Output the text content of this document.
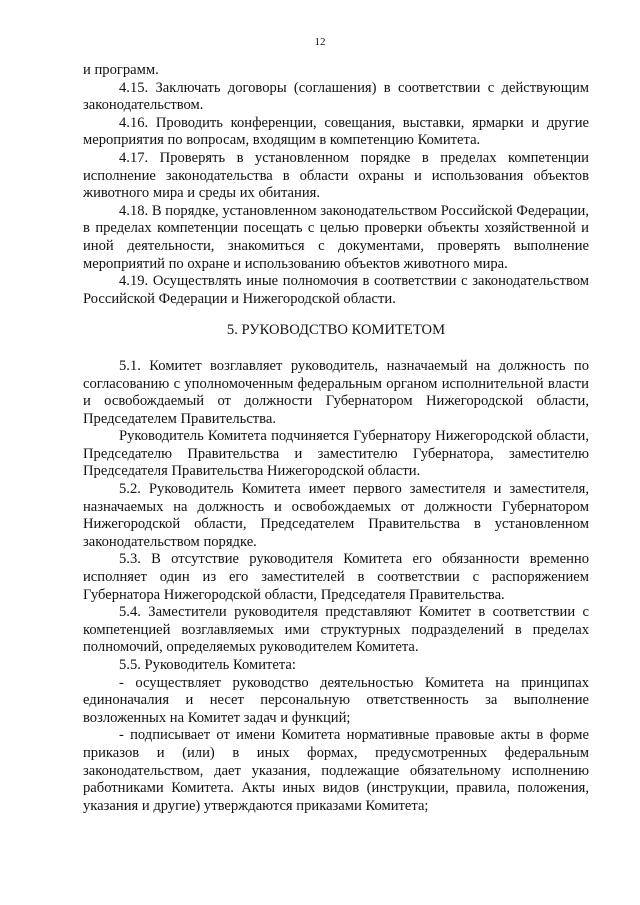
12

и программ.

4.15. Заключать договоры (соглашения) в соответствии с действующим законодательством.

4.16. Проводить конференции, совещания, выставки, ярмарки и другие мероприятия по вопросам, входящим в компетенцию Комитета.

4.17. Проверять в установленном порядке в пределах компетенции исполнение законодательства в области охраны и использования объектов животного мира и среды их обитания.

4.18. В порядке, установленном законодательством Российской Федерации, в пределах компетенции посещать с целью проверки объекты хозяйственной и иной деятельности, знакомиться с документами, проверять выполнение мероприятий по охране и использованию объектов животного мира.

4.19. Осуществлять иные полномочия в соответствии с законодательством Российской Федерации и Нижегородской области.

5. РУКОВОДСТВО КОМИТЕТОМ

5.1. Комитет возглавляет руководитель, назначаемый на должность по согласованию с уполномоченным федеральным органом исполнительной власти и освобождаемый от должности Губернатором Нижегородской области, Председателем Правительства.

Руководитель Комитета подчиняется Губернатору Нижегородской области, Председателю Правительства и заместителю Губернатора, заместителю Председателя Правительства Нижегородской области.

5.2. Руководитель Комитета имеет первого заместителя и заместителя, назначаемых на должность и освобождаемых от должности Губернатором Нижегородской области, Председателем Правительства в установленном законодательством порядке.

5.3. В отсутствие руководителя Комитета его обязанности временно исполняет один из его заместителей в соответствии с распоряжением Губернатора Нижегородской области, Председателя Правительства.

5.4. Заместители руководителя представляют Комитет в соответствии с компетенцией возглавляемых ими структурных подразделений в пределах полномочий, определяемых руководителем Комитета.

5.5. Руководитель Комитета:

- осуществляет руководство деятельностью Комитета на принципах единоначалия и несет персональную ответственность за выполнение возложенных на Комитет задач и функций;

- подписывает от имени Комитета нормативные правовые акты в форме приказов и (или) в иных формах, предусмотренных федеральным законодательством, дает указания, подлежащие обязательному исполнению работниками Комитета. Акты иных видов (инструкции, правила, положения, указания и другие) утверждаются приказами Комитета;
